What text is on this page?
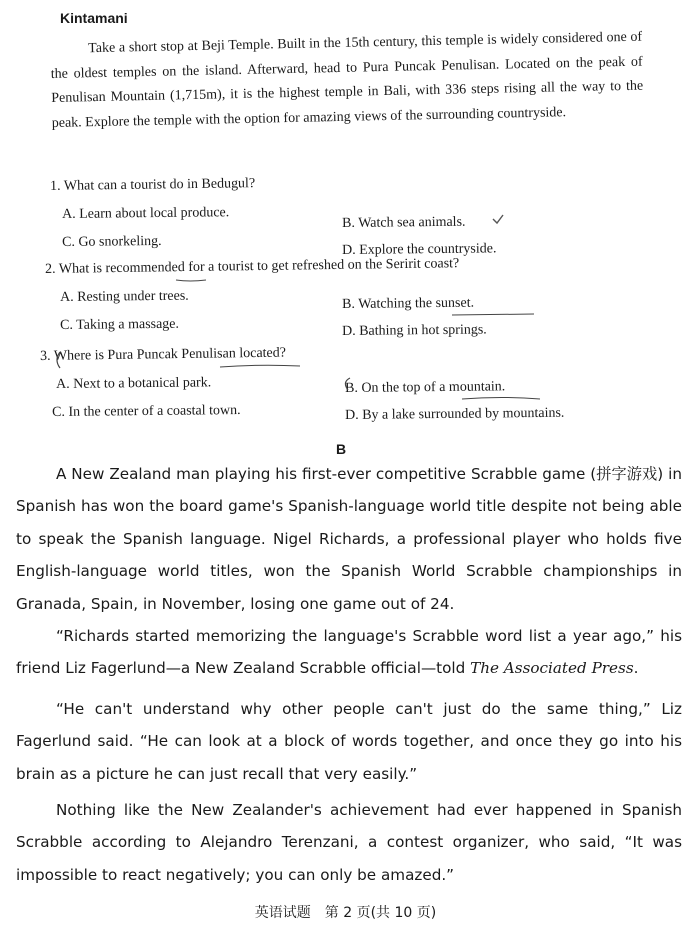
Kintamani
Take a short stop at Beji Temple. Built in the 15th century, this temple is widely considered one of the oldest temples on the island. Afterward, head to Pura Puncak Penulisan. Located on the peak of Penulisan Mountain (1,715m), it is the highest temple in Bali, with 336 steps rising all the way to the peak. Explore the temple with the option for amazing views of the surrounding countryside.
1. What can a tourist do in Bedugul?
A. Learn about local produce.
B. Watch sea animals.
C. Go snorkeling.	D. Explore the countryside.
2. What is recommended for a tourist to get refreshed on the Seririt coast?
A. Resting under trees.	B. Watching the sunset.
C. Taking a massage.	D. Bathing in hot springs.
3. Where is Pura Puncak Penulisan located?
A. Next to a botanical park.	B. On the top of a mountain.
C. In the center of a coastal town.	D. By a lake surrounded by mountains.
B

A New Zealand man playing his first-ever competitive Scrabble game (拼字游戏) in Spanish has won the board game's Spanish-language world title despite not being able to speak the Spanish language. Nigel Richards, a professional player who holds five English-language world titles, won the Spanish World Scrabble championships in Granada, Spain, in November, losing one game out of 24.

“Richards started memorizing the language's Scrabble word list a year ago,” his friend Liz Fagerlund—a New Zealand Scrabble official—told The Associated Press.

“He can't understand why other people can't just do the same thing,” Liz Fagerlund said. “He can look at a block of words together, and once they go into his brain as a picture he can just recall that very easily.”

Nothing like the New Zealander's achievement had ever happened in Spanish Scrabble according to Alejandro Terenzani, a contest organizer, who said, “It was impossible to react negatively; you can only be amazed.”

英语试题　第 2 页(共 10 页)
